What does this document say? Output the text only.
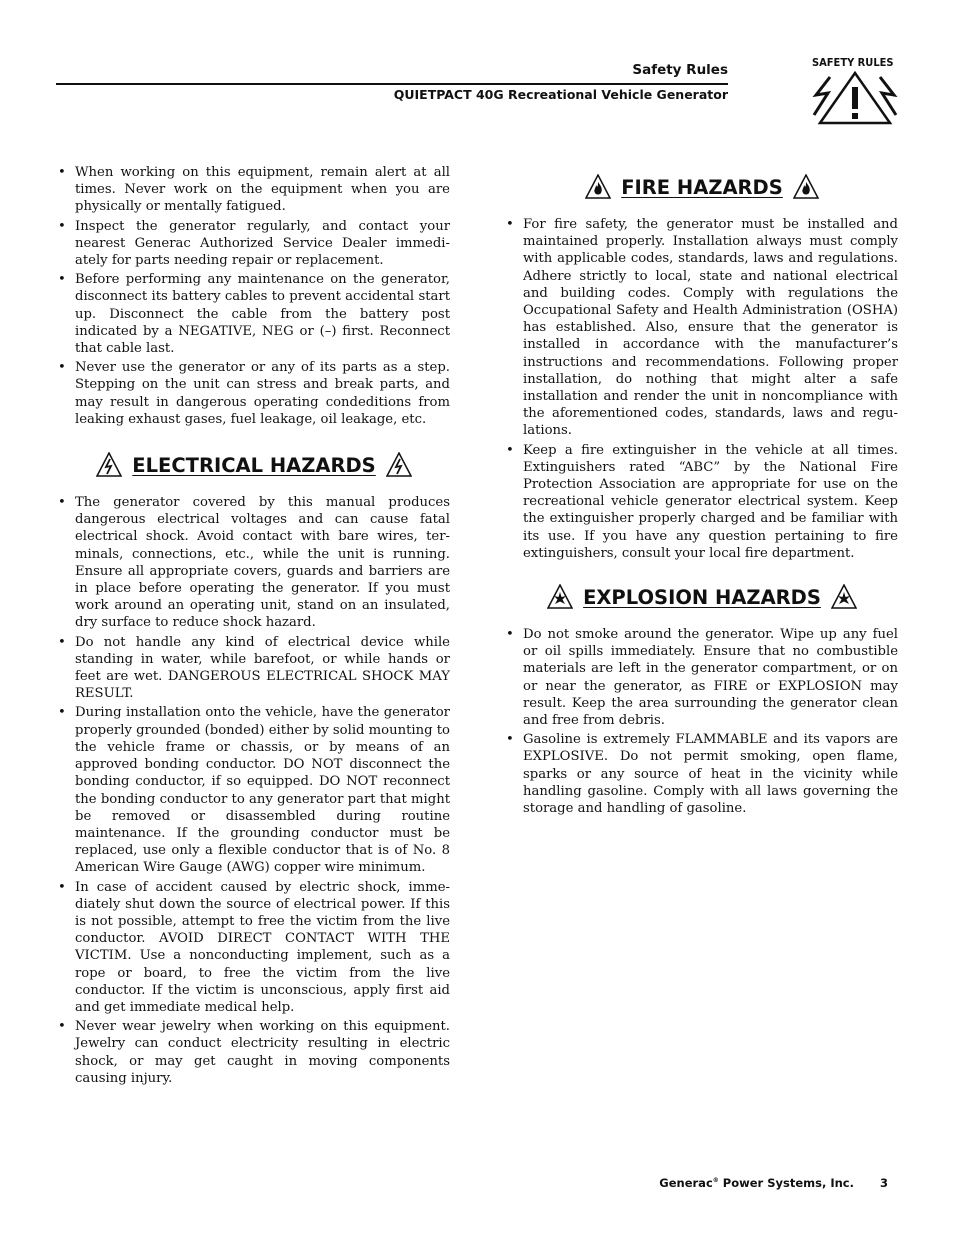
Safety Rules
QUIETPACT 40G Recreational Vehicle Generator
SAFETY RULES
• When working on this equipment, remain alert at all times. Never work on the equipment when you are physically or mentally fatigued.
• Inspect the generator regularly, and contact your nearest Generac Authorized Service Dealer immediately for parts needing repair or replacement.
• Before performing any maintenance on the generator, disconnect its battery cables to prevent accidental start up. Disconnect the cable from the battery post indicated by a NEGATIVE, NEG or (–) first. Reconnect that cable last.
• Never use the generator or any of its parts as a step. Stepping on the unit can stress and break parts, and may result in dangerous operating condeditions from leaking exhaust gases, fuel leakage, oil leakage, etc.
ELECTRICAL HAZARDS
• The generator covered by this manual produces dangerous electrical voltages and can cause fatal electrical shock. Avoid contact with bare wires, terminals, connections, etc., while the unit is running. Ensure all appropriate covers, guards and barriers are in place before operating the generator. If you must work around an operating unit, stand on an insulated, dry surface to reduce shock hazard.
• Do not handle any kind of electrical device while standing in water, while barefoot, or while hands or feet are wet. DANGEROUS ELECTRICAL SHOCK MAY RESULT.
• During installation onto the vehicle, have the generator properly grounded (bonded) either by solid mounting to the vehicle frame or chassis, or by means of an approved bonding conductor. DO NOT disconnect the bonding conductor, if so equipped. DO NOT reconnect the bonding conductor to any generator part that might be removed or disassembled during routine maintenance. If the grounding conductor must be replaced, use only a flexible conductor that is of No. 8 American Wire Gauge (AWG) copper wire minimum.
• In case of accident caused by electric shock, immediately shut down the source of electrical power. If this is not possible, attempt to free the victim from the live conductor. AVOID DIRECT CONTACT WITH THE VICTIM. Use a nonconducting implement, such as a rope or board, to free the victim from the live conductor. If the victim is unconscious, apply first aid and get immediate medical help.
• Never wear jewelry when working on this equipment. Jewelry can conduct electricity resulting in electric shock, or may get caught in moving components causing injury.
FIRE HAZARDS
• For fire safety, the generator must be installed and maintained properly. Installation always must comply with applicable codes, standards, laws and regulations. Adhere strictly to local, state and national electrical and building codes. Comply with regulations the Occupational Safety and Health Administration (OSHA) has established. Also, ensure that the generator is installed in accordance with the manufacturer’s instructions and recommendations. Following proper installation, do nothing that might alter a safe installation and render the unit in noncompliance with the aforementioned codes, standards, laws and regulations.
• Keep a fire extinguisher in the vehicle at all times. Extinguishers rated “ABC” by the National Fire Protection Association are appropriate for use on the recreational vehicle generator electrical system. Keep the extinguisher properly charged and be familiar with its use. If you have any question pertaining to fire extinguishers, consult your local fire department.
EXPLOSION HAZARDS
• Do not smoke around the generator. Wipe up any fuel or oil spills immediately. Ensure that no combustible materials are left in the generator compartment, or on or near the generator, as FIRE or EXPLOSION may result. Keep the area surrounding the generator clean and free from debris.
• Gasoline is extremely FLAMMABLE and its vapors are EXPLOSIVE. Do not permit smoking, open flame, sparks or any source of heat in the vicinity while handling gasoline. Comply with all laws governing the storage and handling of gasoline.
Generac® Power Systems, Inc. 3
